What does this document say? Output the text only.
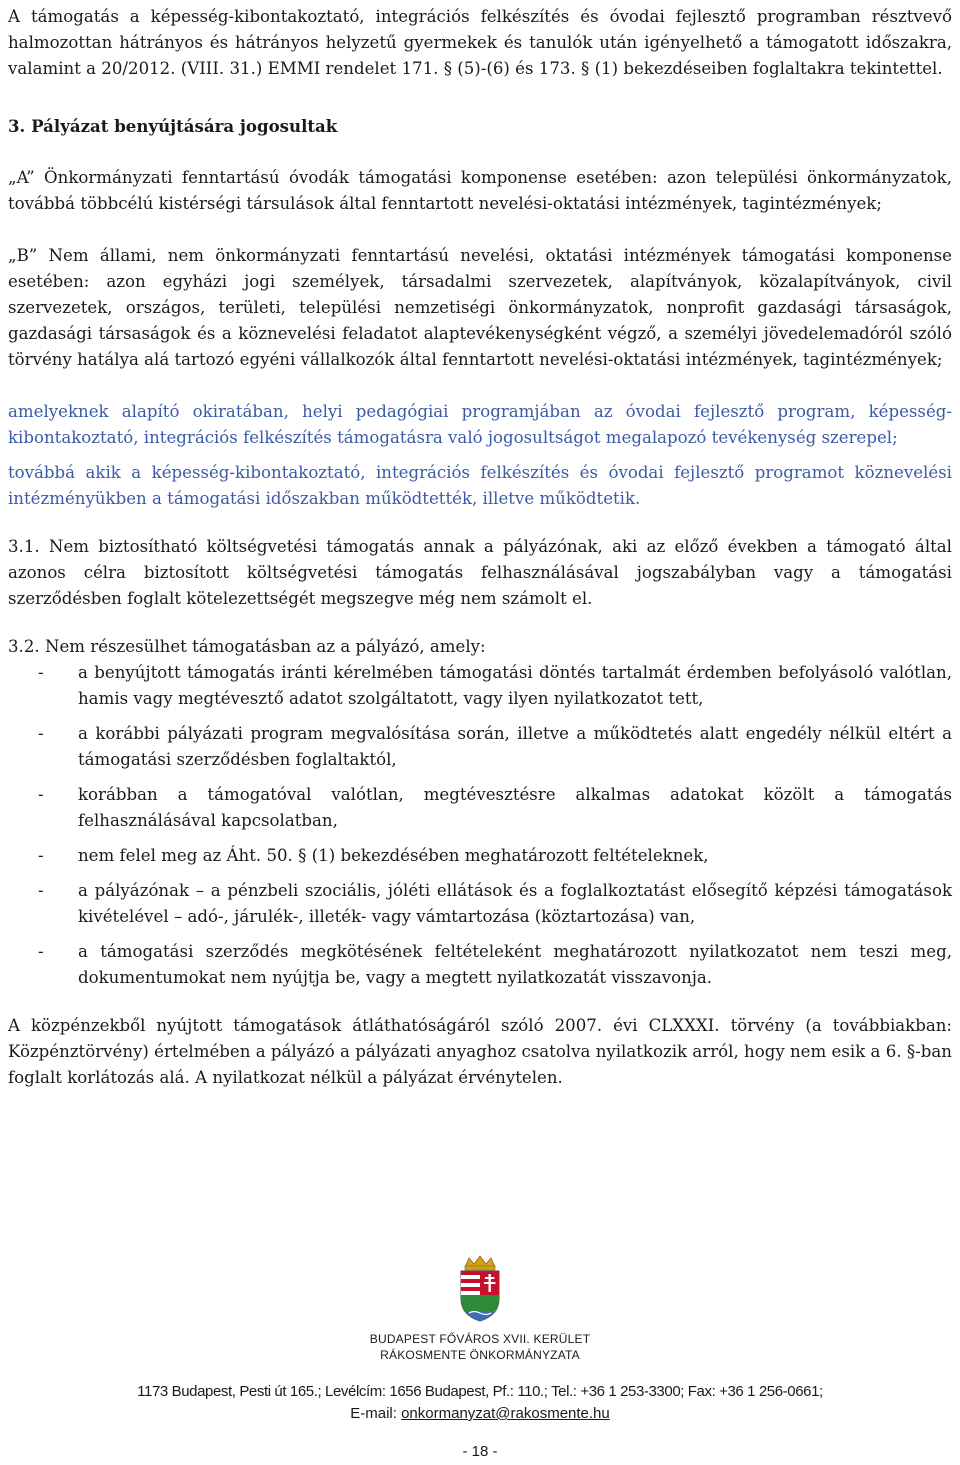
A támogatás a képesség-kibontakoztató, integrációs felkészítés és óvodai fejlesztő programban résztvevő halmozottan hátrányos és hátrányos helyzetű gyermekek és tanulók után igényelhető a támogatott időszakra, valamint a 20/2012. (VIII. 31.) EMMI rendelet 171. § (5)-(6) és 173. § (1) bekezdéseiben foglaltakra tekintettel.

3. Pályázat benyújtására jogosultak

„A” Önkormányzati fenntartású óvodák támogatási komponense esetében: azon települési önkormányzatok, továbbá többcélú kistérségi társulások által fenntartott nevelési-oktatási intézmények, tagintézmények;

„B” Nem állami, nem önkormányzati fenntartású nevelési, oktatási intézmények támogatási komponense esetében: azon egyházi jogi személyek, társadalmi szervezetek, alapítványok, közalapítványok, civil szervezetek, országos, területi, települési nemzetiségi önkormányzatok, nonprofit gazdasági társaságok, gazdasági társaságok és a köznevelési feladatot alaptevékenységként végző, a személyi jövedelemadóról szóló törvény hatálya alá tartozó egyéni vállalkozók által fenntartott nevelési-oktatási intézmények, tagintézmények;

amelyeknek alapító okiratában, helyi pedagógiai programjában az óvodai fejlesztő program, képesség-kibontakoztató, integrációs felkészítés támogatásra való jogosultságot megalapozó tevékenység szerepel;

továbbá akik a képesség-kibontakoztató, integrációs felkészítés és óvodai fejlesztő programot köznevelési intézményükben a támogatási időszakban működtették, illetve működtetik.

3.1. Nem biztosítható költségvetési támogatás annak a pályázónak, aki az előző években a támogató által azonos célra biztosított költségvetési támogatás felhasználásával jogszabályban vagy a támogatási szerződésben foglalt kötelezettségét megszegve még nem számolt el.

3.2. Nem részesülhet támogatásban az a pályázó, amely:

- a benyújtott támogatás iránti kérelmében támogatási döntés tartalmát érdemben befolyásoló valótlan, hamis vagy megtévesztő adatot szolgáltatott, vagy ilyen nyilatkozatot tett,
- a korábbi pályázati program megvalósítása során, illetve a működtetés alatt engedély nélkül eltért a támogatási szerződésben foglaltaktól,
- korábban a támogatóval valótlan, megtévesztésre alkalmas adatokat közölt a támogatás felhasználásával kapcsolatban,
- nem felel meg az Áht. 50. § (1) bekezdésében meghatározott feltételeknek,
- a pályázónak – a pénzbeli szociális, jóléti ellátások és a foglalkoztatást elősegítő képzési támogatások kivételével – adó-, járulék-, illeték- vagy vámtartozása (köztartozása) van,
- a támogatási szerződés megkötésének feltételeként meghatározott nyilatkozatot nem teszi meg, dokumentumokat nem nyújtja be, vagy a megtett nyilatkozatát visszavonja.

A közpénzekből nyújtott támogatások átláthatóságáról szóló 2007. évi CLXXXI. törvény (a továbbiakban: Közpénztörvény) értelmében a pályázó a pályázati anyaghoz csatolva nyilatkozik arról, hogy nem esik a 6. §-ban foglalt korlátozás alá. A nyilatkozat nélkül a pályázat érvénytelen.

BUDAPEST FŐVÁROS XVII. KERÜLET
RÁKOSMENTE ÖNKORMÁNYZATA
1173 Budapest, Pesti út 165.; Levélcím: 1656 Budapest, Pf.: 110.; Tel.: +36 1 253-3300; Fax: +36 1 256-0661;
E-mail: onkormanyzat@rakosmente.hu
- 18 -
